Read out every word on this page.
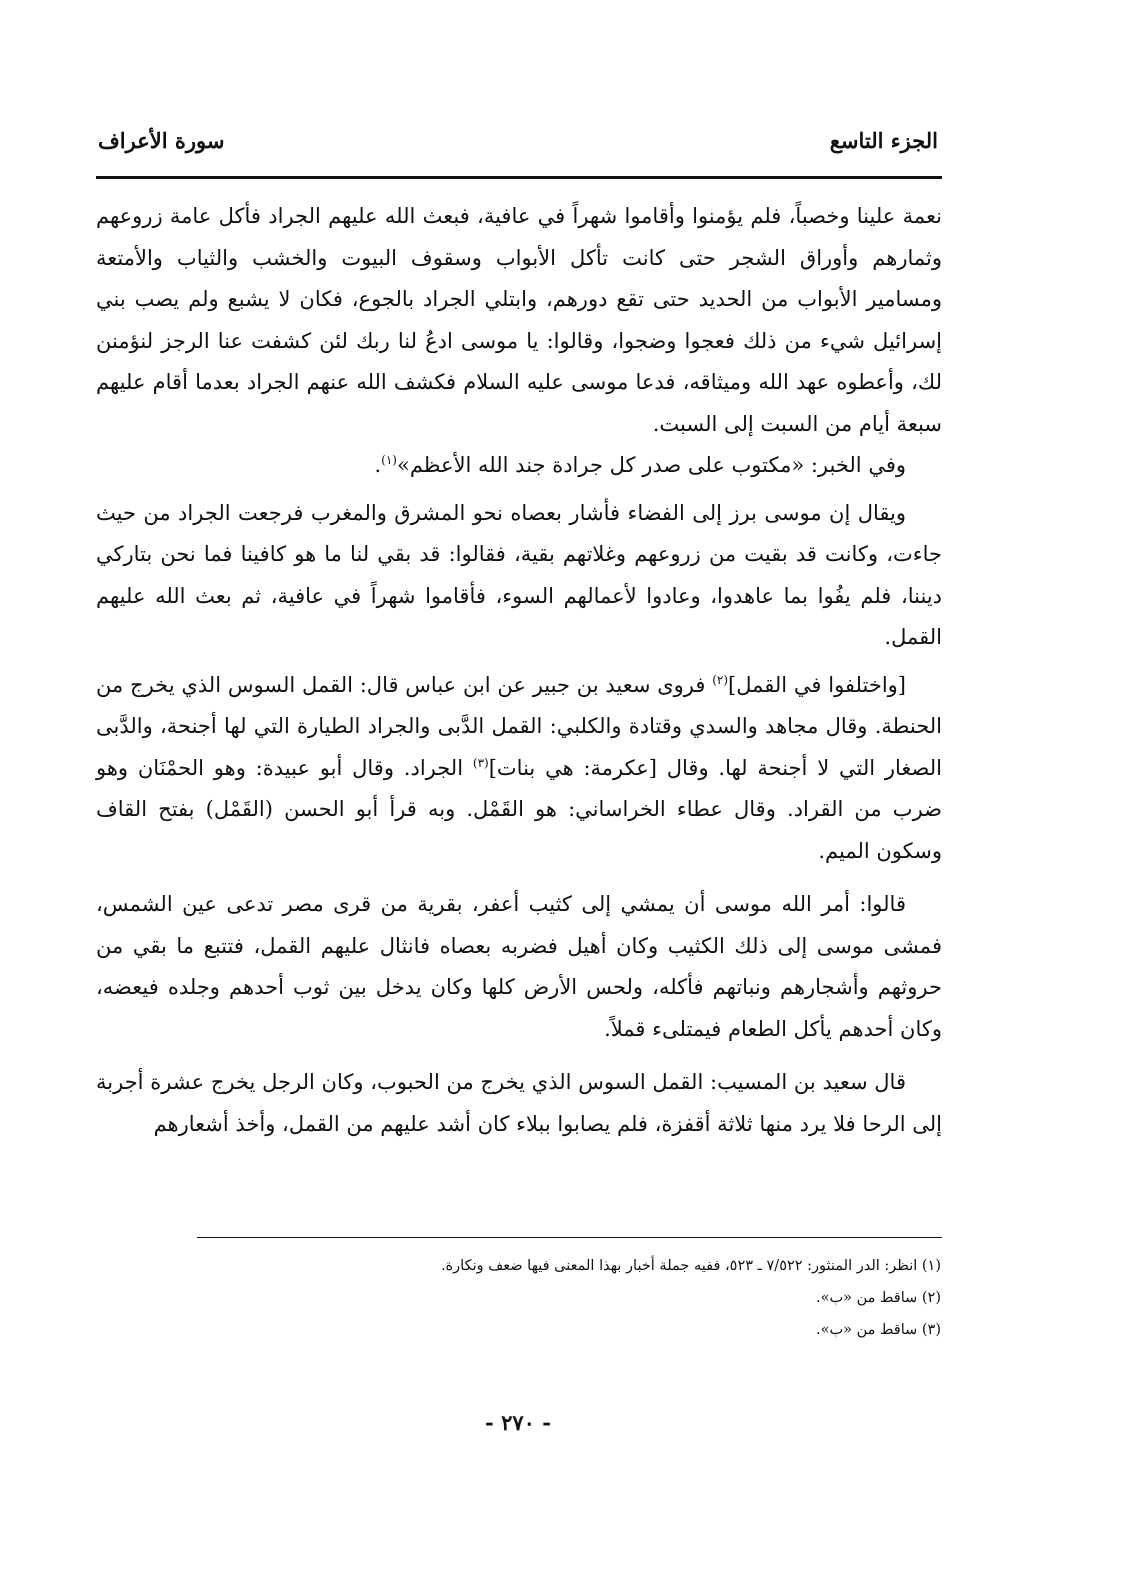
الجزء التاسع
سورة الأعراف

نعمة علينا وخصباً، فلم يؤمنوا وأقاموا شهراً في عافية، فبعث الله عليهم الجراد فأكل عامة زروعهم وثمارهم وأوراق الشجر حتى كانت تأكل الأبواب وسقوف البيوت والخشب والثياب والأمتعة ومسامير الأبواب من الحديد حتى تقع دورهم، وابتلي الجراد بالجوع، فكان لا يشبع ولم يصب بني إسرائيل شيء من ذلك فعجوا وضجوا، وقالوا: يا موسى ادعُ لنا ربك لئن كشفت عنا الرجز لنؤمنن لك، وأعطوه عهد الله وميثاقه، فدعا موسى عليه السلام فكشف الله عنهم الجراد بعدما أقام عليهم سبعة أيام من السبت إلى السبت.

وفي الخبر: «مكتوب على صدر كل جرادة جند الله الأعظم»$^{(١)}$.

ويقال إن موسى برز إلى الفضاء فأشار بعصاه نحو المشرق والمغرب فرجعت الجراد من حيث جاءت، وكانت قد بقيت من زروعهم وغلاتهم بقية، فقالوا: قد بقي لنا ما هو كافينا فما نحن بتاركي ديننا، فلم يفُوا بما عاهدوا، وعادوا لأعمالهم السوء، فأقاموا شهراً في عافية، ثم بعث الله عليهم القمل.

[واختلفوا في القمل]$^{(٢)}$ فروى سعيد بن جبير عن ابن عباس قال: القمل السوس الذي يخرج من الحنطة. وقال مجاهد والسدي وقتادة والكلبي: القمل الدَّبى والجراد الطيارة التي لها أجنحة، والدَّبى الصغار التي لا أجنحة لها. وقال [عكرمة: هي بنات]$^{(٣)}$ الجراد. وقال أبو عبيدة: وهو الحمْنَان وهو ضرب من القراد. وقال عطاء الخراساني: هو القَمْل. وبه قرأ أبو الحسن (القَمْل) بفتح القاف وسكون الميم.

قالوا: أمر الله موسى أن يمشي إلى كثيب أعفر، بقرية من قرى مصر تدعى عين الشمس، فمشى موسى إلى ذلك الكثيب وكان أهيل فضربه بعصاه فانثال عليهم القمل، فتتبع ما بقي من حروثهم وأشجارهم ونباتهم فأكله، ولحس الأرض كلها وكان يدخل بين ثوب أحدهم وجلده فيعضه، وكان أحدهم يأكل الطعام فيمتلىء قملاً.

قال سعيد بن المسيب: القمل السوس الذي يخرج من الحبوب، وكان الرجل يخرج عشرة أجربة إلى الرحا فلا يرد منها ثلاثة أقفزة، فلم يصابوا ببلاء كان أشد عليهم من القمل، وأخذ أشعارهم

(١) انظر: الدر المنثور: ٧/٥٢٢ ـ ٥٢٣، ففيه جملة أخبار بهذا المعنى فيها ضعف ونكارة.

(٢) ساقط من «ب».

(٣) ساقط من «ب».

- ٢٧٠ -
